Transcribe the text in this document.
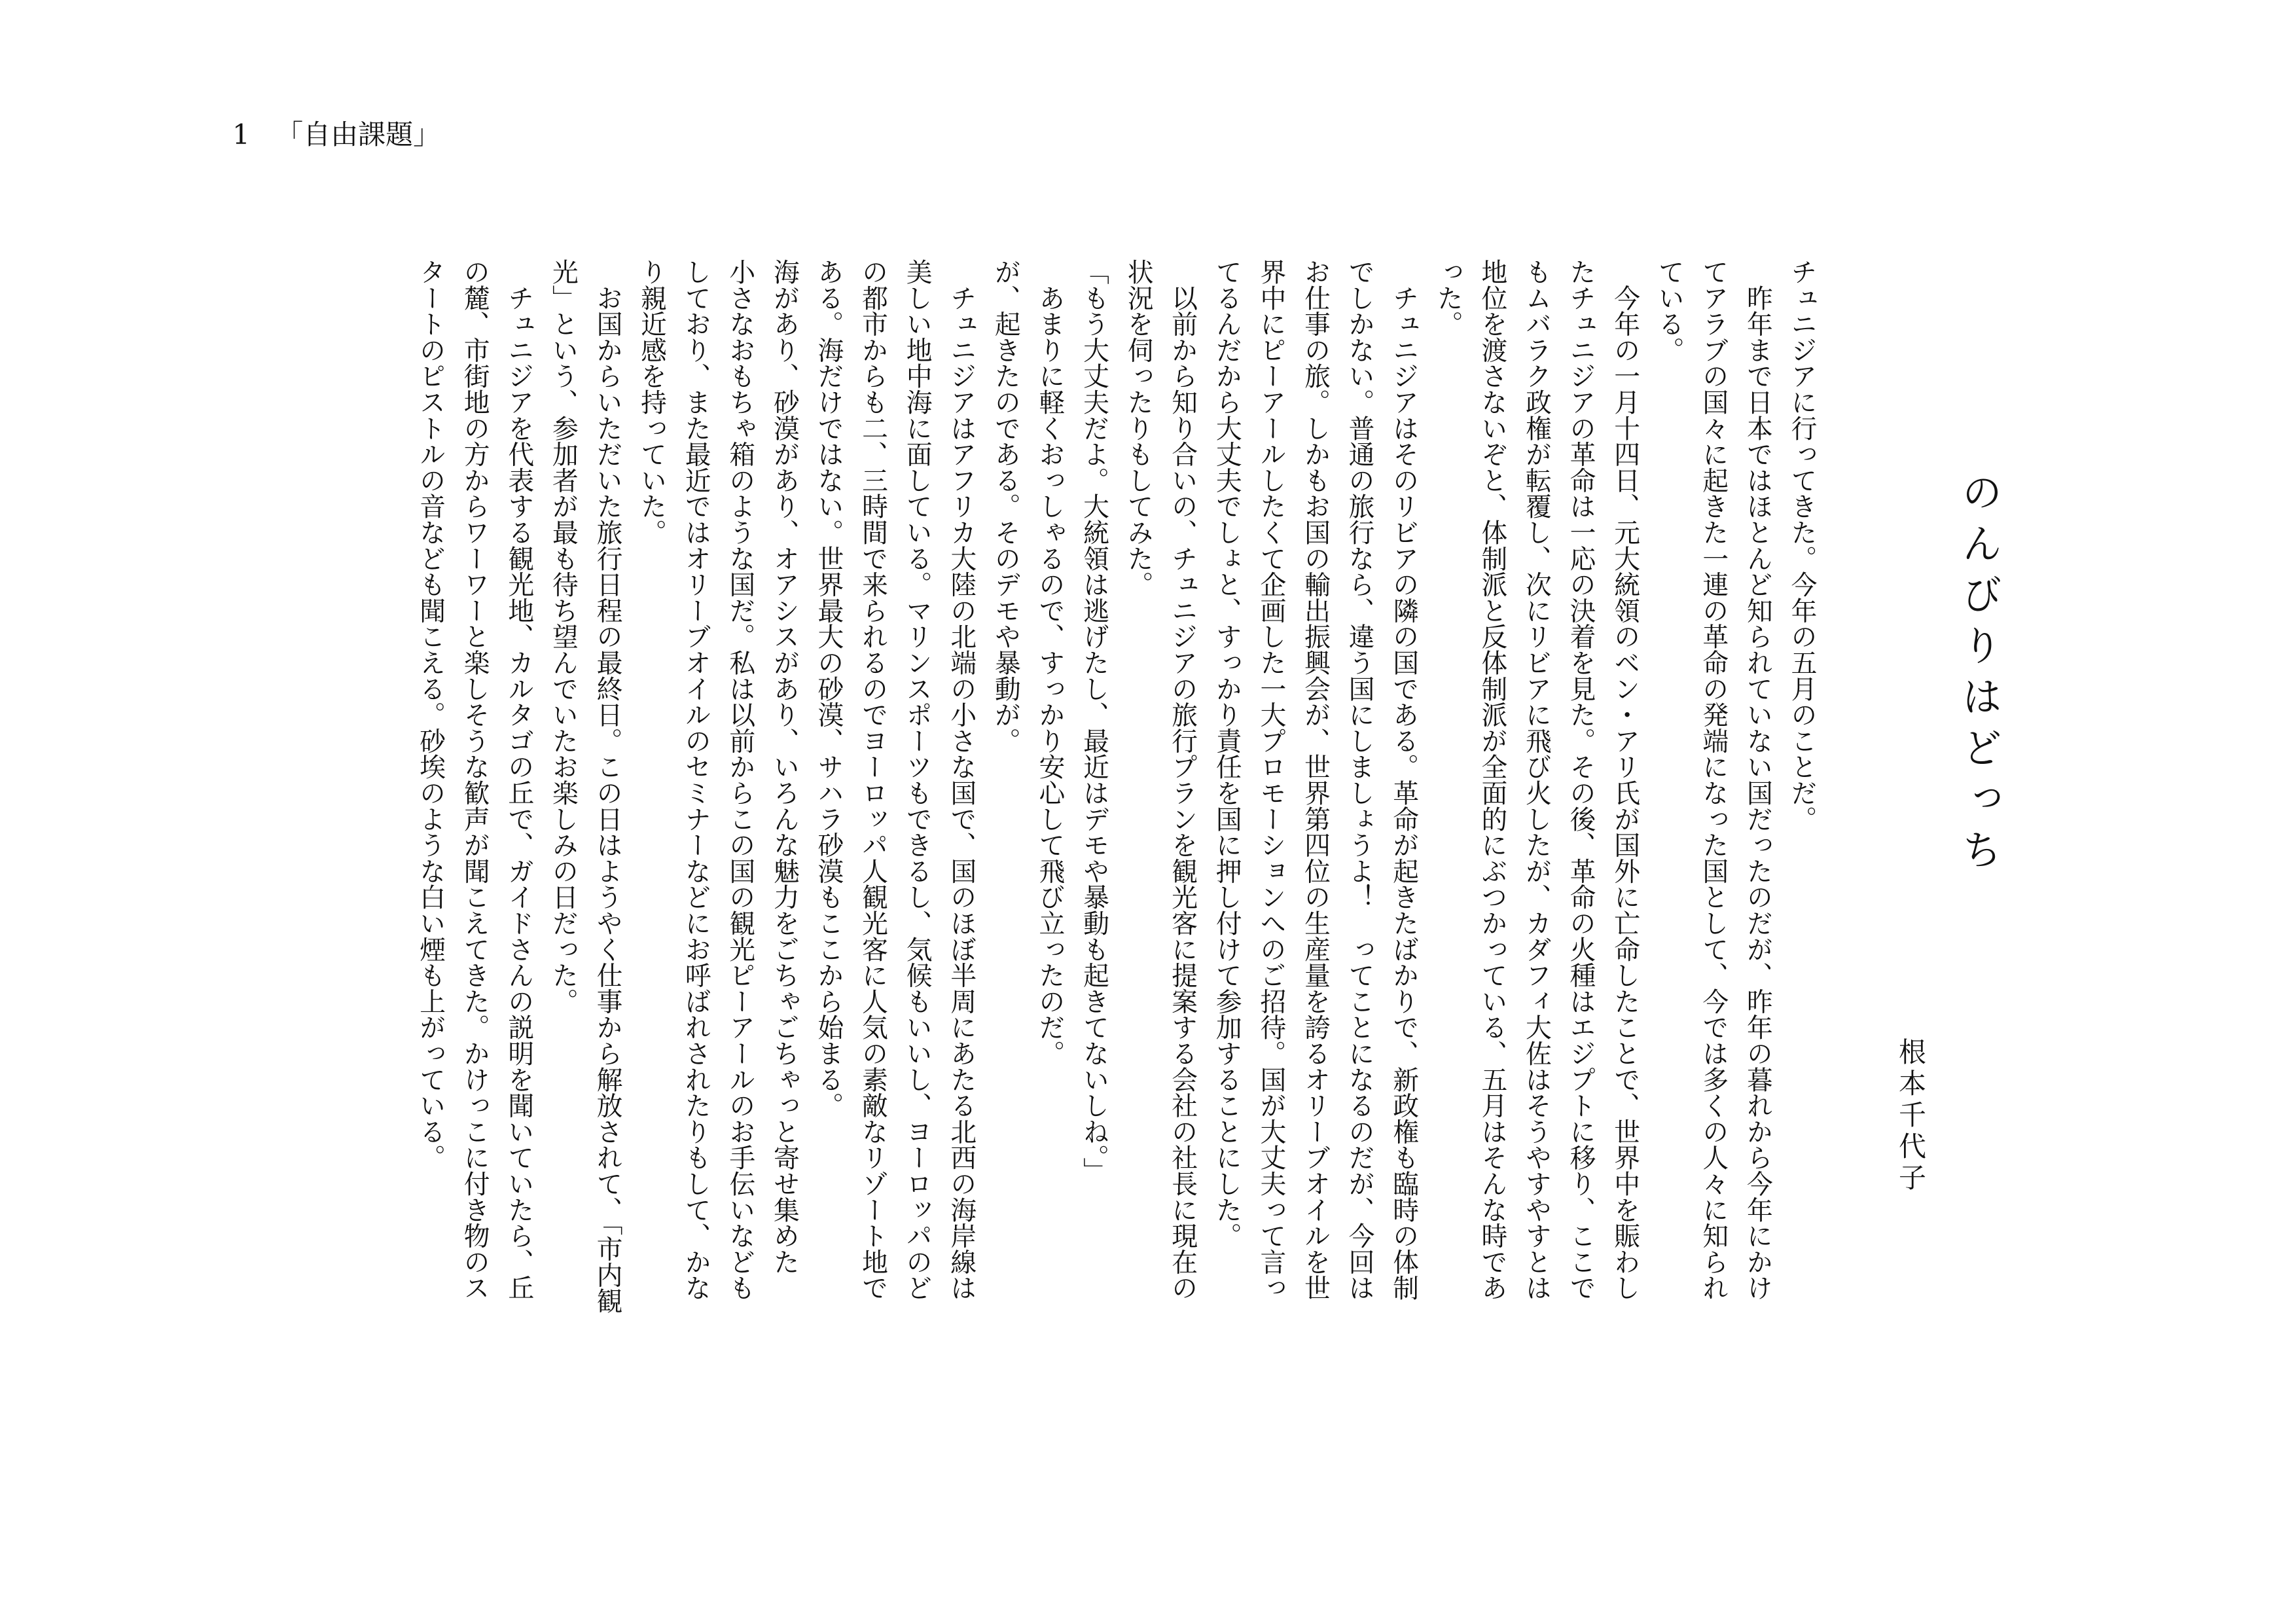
1 「自由課題」
のんびりはどっち
根本千代子
チュニジアに行ってきた。今年の五月のことだ。
　昨年まで日本ではほとんど知られていない国だったのだが、昨年の暮れから今年にかけ
てアラブの国々に起きた一連の革命の発端になった国として、今では多くの人々に知られ
ている。
　今年の一月十四日、元大統領のベン・アリ氏が国外に亡命したことで、世界中を賑わし
たチュニジアの革命は一応の決着を見た。その後、革命の火種はエジプトに移り、ここで
もムバラク政権が転覆し、次にリビアに飛び火したが、カダフィ大佐はそうやすやすとは
地位を渡さないぞと、体制派と反体制派が全面的にぶつかっている、五月はそんな時であ
った。
　チュニジアはそのリビアの隣の国である。革命が起きたばかりで、新政権も臨時の体制
でしかない。普通の旅行なら、違う国にしましょうよ！　ってことになるのだが、今回は
お仕事の旅。しかもお国の輸出振興会が、世界第四位の生産量を誇るオリーブオイルを世
界中にピーアールしたくて企画した一大プロモーションへのご招待。国が大丈夫って言っ
てるんだから大丈夫でしょと、すっかり責任を国に押し付けて参加することにした。
　以前から知り合いの、チュニジアの旅行プランを観光客に提案する会社の社長に現在の
状況を伺ったりもしてみた。
「もう大丈夫だよ。大統領は逃げたし、最近はデモや暴動も起きてないしね。」
　あまりに軽くおっしゃるので、すっかり安心して飛び立ったのだ。
が、起きたのである。そのデモや暴動が。
　チュニジアはアフリカ大陸の北端の小さな国で、国のほぼ半周にあたる北西の海岸線は
美しい地中海に面している。マリンスポーツもできるし、気候もいいし、ヨーロッパのど
の都市からも二、三時間で来られるのでヨーロッパ人観光客に人気の素敵なリゾート地で
ある。海だけではない。世界最大の砂漠、サハラ砂漠もここから始まる。
海があり、砂漠があり、オアシスがあり、いろんな魅力をごちゃごちゃっと寄せ集めた
小さなおもちゃ箱のような国だ。私は以前からこの国の観光ピーアールのお手伝いなども
しており、また最近ではオリーブオイルのセミナーなどにお呼ばれされたりもして、かな
り親近感を持っていた。
　お国からいただいた旅行日程の最終日。この日はようやく仕事から解放されて、「市内観
光」という、参加者が最も待ち望んでいたお楽しみの日だった。
　チュニジアを代表する観光地、カルタゴの丘で、ガイドさんの説明を聞いていたら、丘
の麓、市街地の方からワーワーと楽しそうな歓声が聞こえてきた。かけっこに付き物のス
タートのピストルの音なども聞こえる。砂埃のような白い煙も上がっている。
